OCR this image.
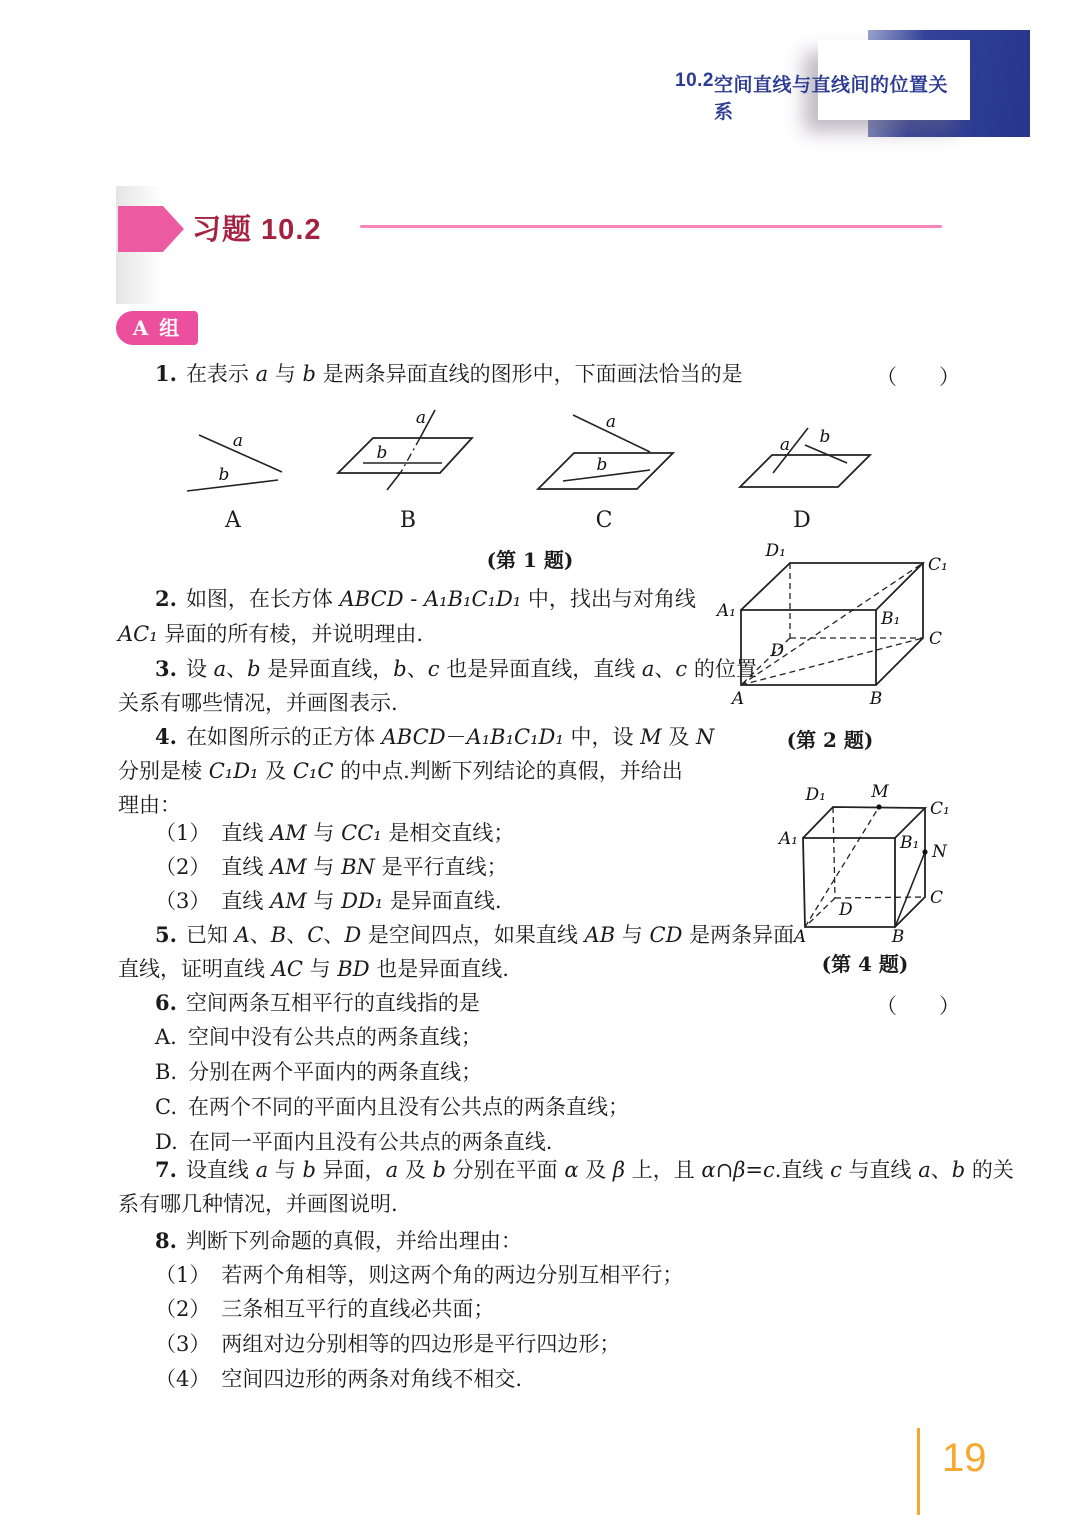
10.2 空间直线与直线间的位置关系
习题 10.2
A 组
1. 在表示 a 与 b 是两条异面直线的图形中，下面画法恰当的是	（　　）
a
b
a
b
a
b
a b
A	B	C	D
(第 1 题)
2. 如图，在长方体 ABCD - A₁B₁C₁D₁ 中，找出与对角线
AC₁ 异面的所有棱，并说明理由.
3. 设 a、b 是异面直线，b、c 也是异面直线，直线 a、c 的位置
关系有哪些情况，并画图表示.
D₁
C₁
A₁	B₁
C
D
A	B
(第 2 题)
4. 在如图所示的正方体 ABCD－A₁B₁C₁D₁ 中，设 M 及 N
分别是棱 C₁D₁ 及 C₁C 的中点.判断下列结论的真假，并给出
理由：
（1） 直线 AM 与 CC₁ 是相交直线；
（2） 直线 AM 与 BN 是平行直线；
（3） 直线 AM 与 DD₁ 是异面直线.
D₁	M
C₁
A₁	B₁ N
C
D
A	B
(第 4 题)
5. 已知 A、B、C、D 是空间四点，如果直线 AB 与 CD 是两条异面
直线，证明直线 AC 与 BD 也是异面直线.
6. 空间两条互相平行的直线指的是	（　　）
A. 空间中没有公共点的两条直线；
B. 分别在两个平面内的两条直线；
C. 在两个不同的平面内且没有公共点的两条直线；
D. 在同一平面内且没有公共点的两条直线.
7. 设直线 a 与 b 异面，a 及 b 分别在平面 α 及 β 上，且 α∩β=c.直线 c 与直线 a、b 的关
系有哪几种情况，并画图说明.
8. 判断下列命题的真假，并给出理由：
（1） 若两个角相等，则这两个角的两边分别互相平行；
（2） 三条相互平行的直线必共面；
（3） 两组对边分别相等的四边形是平行四边形；
（4） 空间四边形的两条对角线不相交.
19
